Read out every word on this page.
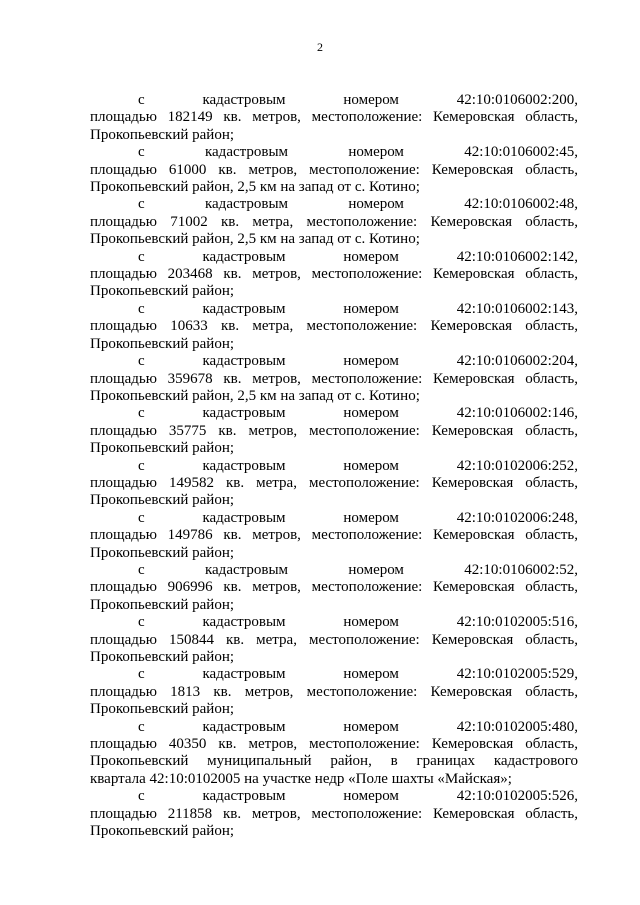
2
с кадастровым номером 42:10:0106002:200,
площадью 182149 кв. метров, местоположение: Кемеровская область,
Прокопьевский район;
с кадастровым номером 42:10:0106002:45,
площадью 61000 кв. метров, местоположение: Кемеровская область,
Прокопьевский район, 2,5 км на запад от с. Котино;
с кадастровым номером 42:10:0106002:48,
площадью 71002 кв. метра, местоположение: Кемеровская область,
Прокопьевский район, 2,5 км на запад от с. Котино;
с кадастровым номером 42:10:0106002:142,
площадью 203468 кв. метров, местоположение: Кемеровская область,
Прокопьевский район;
с кадастровым номером 42:10:0106002:143,
площадью 10633 кв. метра, местоположение: Кемеровская область,
Прокопьевский район;
с кадастровым номером 42:10:0106002:204,
площадью 359678 кв. метров, местоположение: Кемеровская область,
Прокопьевский район, 2,5 км на запад от с. Котино;
с кадастровым номером 42:10:0106002:146,
площадью 35775 кв. метров, местоположение: Кемеровская область,
Прокопьевский район;
с кадастровым номером 42:10:0102006:252,
площадью 149582 кв. метра, местоположение: Кемеровская область,
Прокопьевский район;
с кадастровым номером 42:10:0102006:248,
площадью 149786 кв. метров, местоположение: Кемеровская область,
Прокопьевский район;
с кадастровым номером 42:10:0106002:52,
площадью 906996 кв. метров, местоположение: Кемеровская область,
Прокопьевский район;
с кадастровым номером 42:10:0102005:516,
площадью 150844 кв. метра, местоположение: Кемеровская область,
Прокопьевский район;
с кадастровым номером 42:10:0102005:529,
площадью 1813 кв. метров, местоположение: Кемеровская область,
Прокопьевский район;
с кадастровым номером 42:10:0102005:480,
площадью 40350 кв. метров, местоположение: Кемеровская область,
Прокопьевский муниципальный район, в границах кадастрового
квартала 42:10:0102005 на участке недр «Поле шахты «Майская»;
с кадастровым номером 42:10:0102005:526,
площадью 211858 кв. метров, местоположение: Кемеровская область,
Прокопьевский район;
